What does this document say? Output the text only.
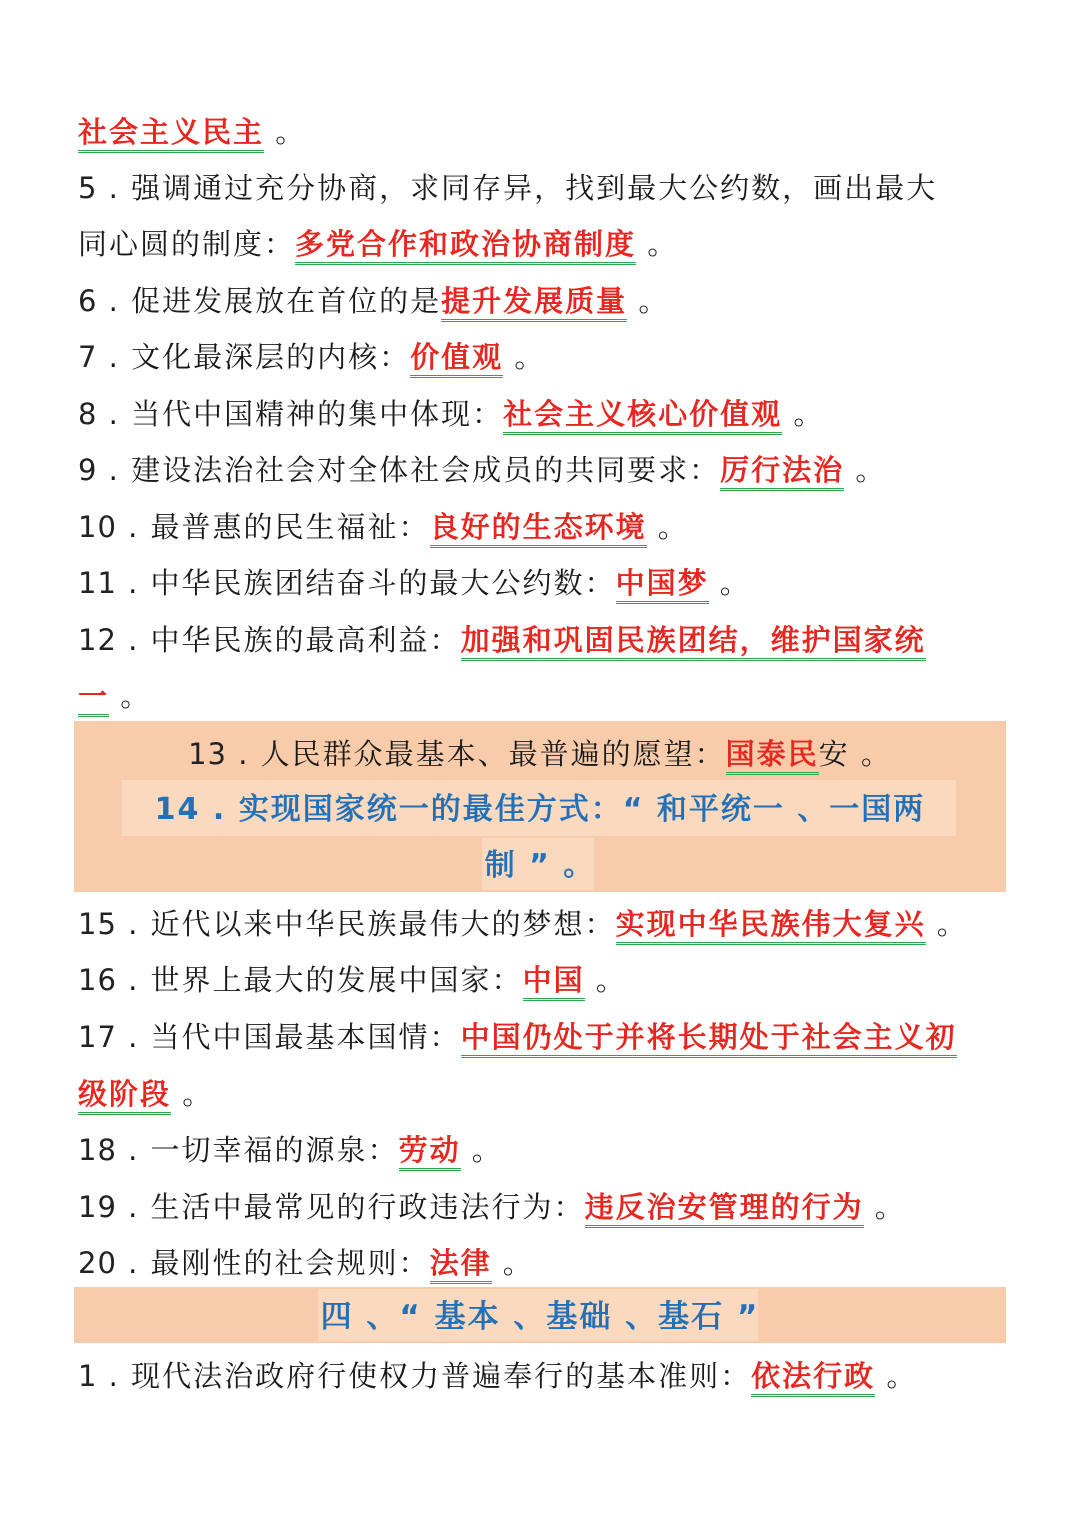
社会主义民主 。
5 . 强调通过充分协商，求同存异，找到最大公约数，画出最大
同心圆的制度：多党合作和政治协商制度 。
6 . 促进发展放在首位的是提升发展质量 。
7 . 文化最深层的内核：价值观 。
8 . 当代中国精神的集中体现：社会主义核心价值观 。
9 . 建设法治社会对全体社会成员的共同要求：厉行法治 。
10 . 最普惠的民生福祉：良好的生态环境 。
11 . 中华民族团结奋斗的最大公约数：中国梦 。
12 . 中华民族的最高利益：加强和巩固民族团结，维护国家统
一 。
13 . 人民群众最基本、最普遍的愿望：国泰民安 。
14 . 实现国家统一的最佳方式：“ 和平统一 、一国两
制 ” 。
15 . 近代以来中华民族最伟大的梦想：实现中华民族伟大复兴 。
16 . 世界上最大的发展中国家：中国 。
17 . 当代中国最基本国情：中国仍处于并将长期处于社会主义初
级阶段 。
18 . 一切幸福的源泉：劳动 。
19 . 生活中最常见的行政违法行为：违反治安管理的行为 。
20 . 最刚性的社会规则：法律 。
四 、“ 基本 、基础 、基石 ”
1 . 现代法治政府行使权力普遍奉行的基本准则：依法行政 。
